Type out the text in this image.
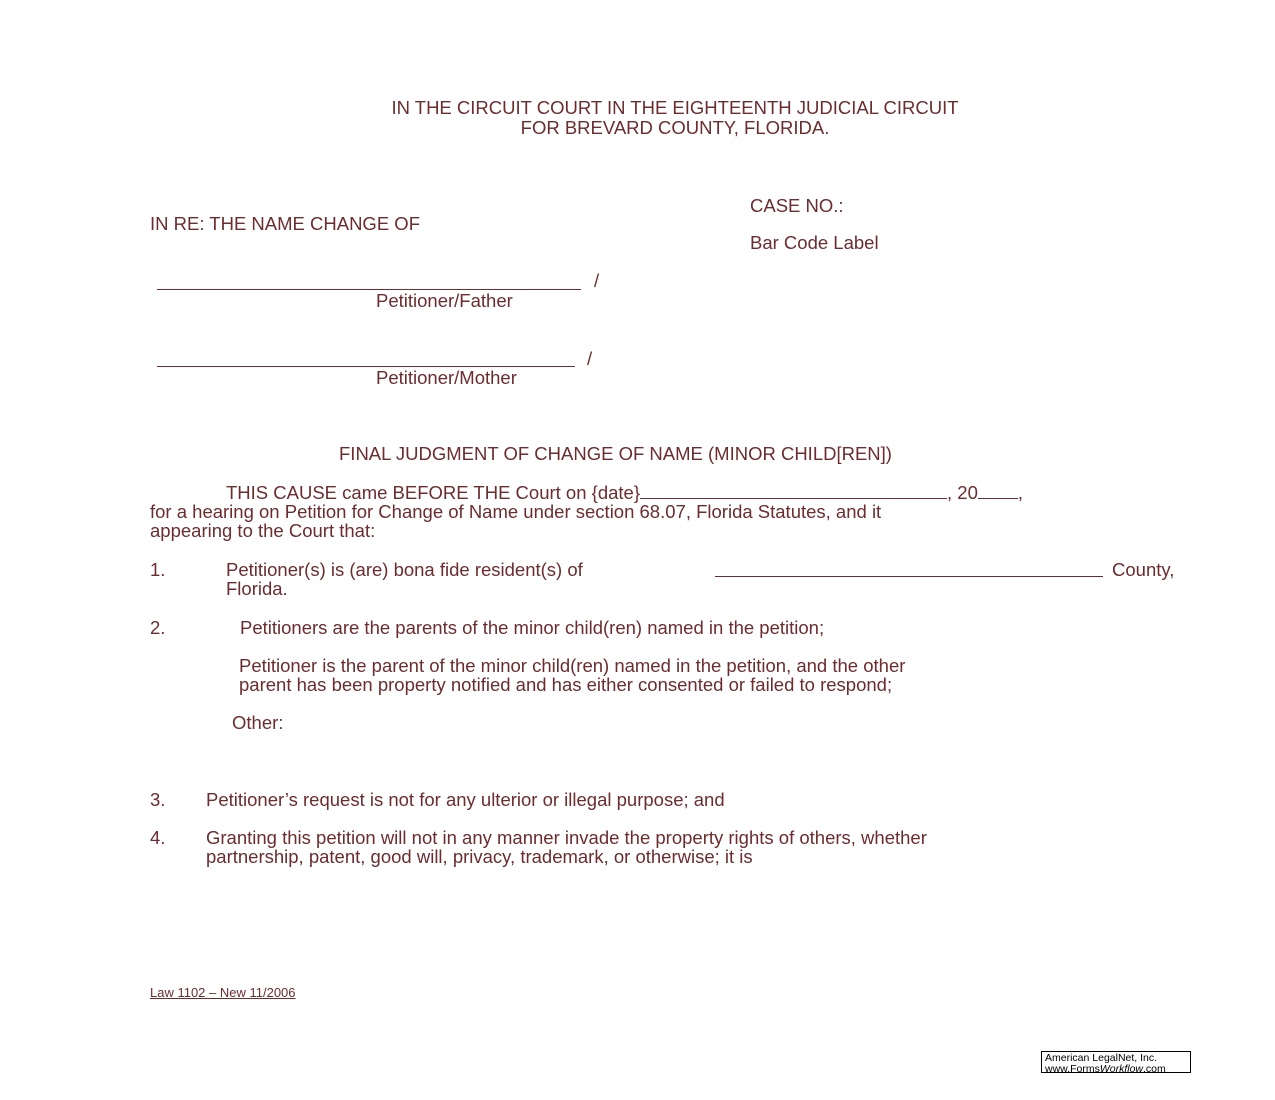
IN THE CIRCUIT COURT IN THE EIGHTEENTH JUDICIAL CIRCUIT
FOR BREVARD COUNTY, FLORIDA.
IN RE: THE NAME CHANGE OF
CASE NO.:
Bar Code Label
/
Petitioner/Father
/
Petitioner/Mother
FINAL JUDGMENT OF CHANGE OF NAME (MINOR CHILD[REN])
THIS CAUSE came BEFORE THE Court on {date}	, 20 ,
for a hearing on Petition for Change of Name under section 68.07, Florida Statutes, and it
appearing to the Court that:
1.	Petitioner(s) is (are) bona fide resident(s) of	County,
Florida.
2.	Petitioners are the parents of the minor child(ren) named in the petition;
Petitioner is the parent of the minor child(ren) named in the petition, and the other
parent has been property notified and has either consented or failed to respond;
Other:
3. Petitioner’s request is not for any ulterior or illegal purpose; and
4. Granting this petition will not in any manner invade the property rights of others, whether
partnership, patent, good will, privacy, trademark, or otherwise; it is
Law 1102 – New 11/2006
American LegalNet, Inc.
www.FormsWorkflow.com
